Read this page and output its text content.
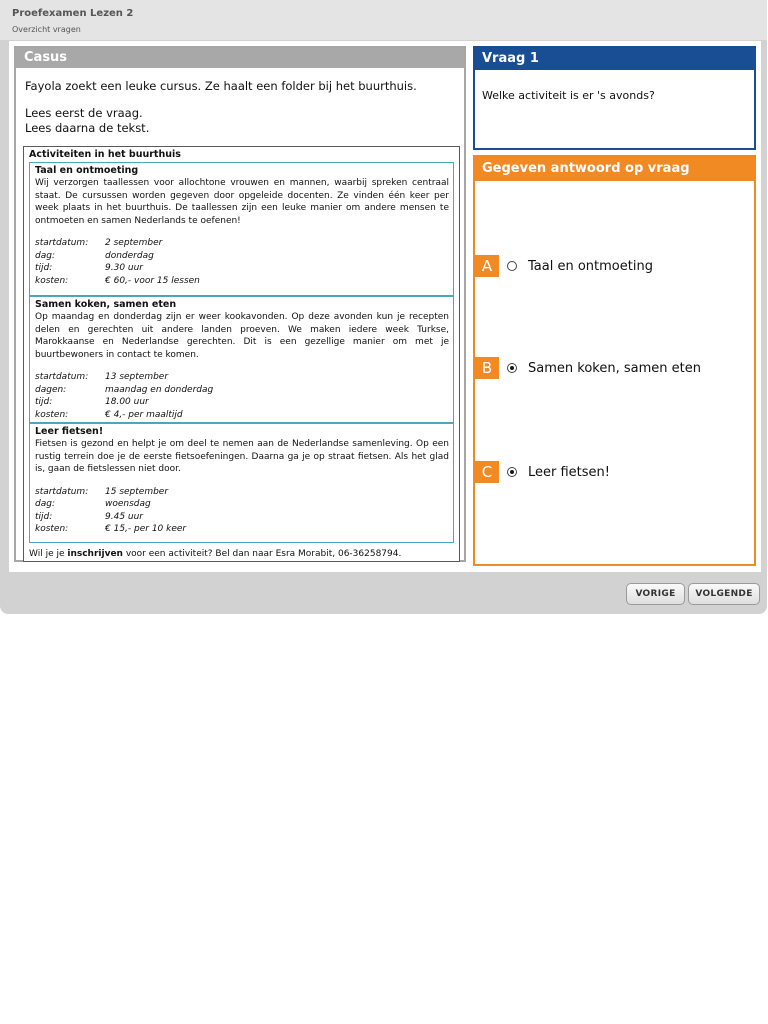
Proefexamen Lezen 2
Overzicht vragen
Casus

Fayola zoekt een leuke cursus. Ze haalt een folder bij het buurthuis.

Lees eerst de vraag.

Lees daarna de tekst.

Activiteiten in het buurthuis
Taal en ontmoeting

Wij verzorgen taallessen voor allochtone vrouwen en mannen, waarbij spreken centraal staat. De cursussen worden gegeven door opgeleide docenten. Ze vinden één keer per week plaats in het buurthuis. De taallessen zijn een leuke manier om andere mensen te ontmoeten en samen Nederlands te oefenen!

startdatum:	2 september
dag:	donderdag
tijd:	9.30 uur
kosten:	€ 60,- voor 15 lessen
Samen koken, samen eten

Op maandag en donderdag zijn er weer kookavonden. Op deze avonden kun je recepten delen en gerechten uit andere landen proeven. We maken iedere week Turkse, Marokkaanse en Nederlandse gerechten. Dit is een gezellige manier om met je buurtbewoners in contact te komen.

startdatum:	13 september
dagen:	maandag en donderdag
tijd:	18.00 uur
kosten:	€ 4,- per maaltijd
Leer fietsen!

Fietsen is gezond en helpt je om deel te nemen aan de Nederlandse samenleving. Op een rustig terrein doe je de eerste fietsoefeningen. Daarna ga je op straat fietsen. Als het glad is, gaan de fietslessen niet door.

startdatum:	15 september
dag:	woensdag
tijd:	9.45 uur
kosten:	€ 15,- per 10 keer
Wil je je inschrijven voor een activiteit? Bel dan naar Esra Morabit, 06-36258794.
Vraag 1
Welke activiteit is er 's avonds?
Gegeven antwoord op vraag
A	Taal en ontmoeting
B	Samen koken, samen eten
C	Leer fietsen!
VORIGE	VOLGENDE
